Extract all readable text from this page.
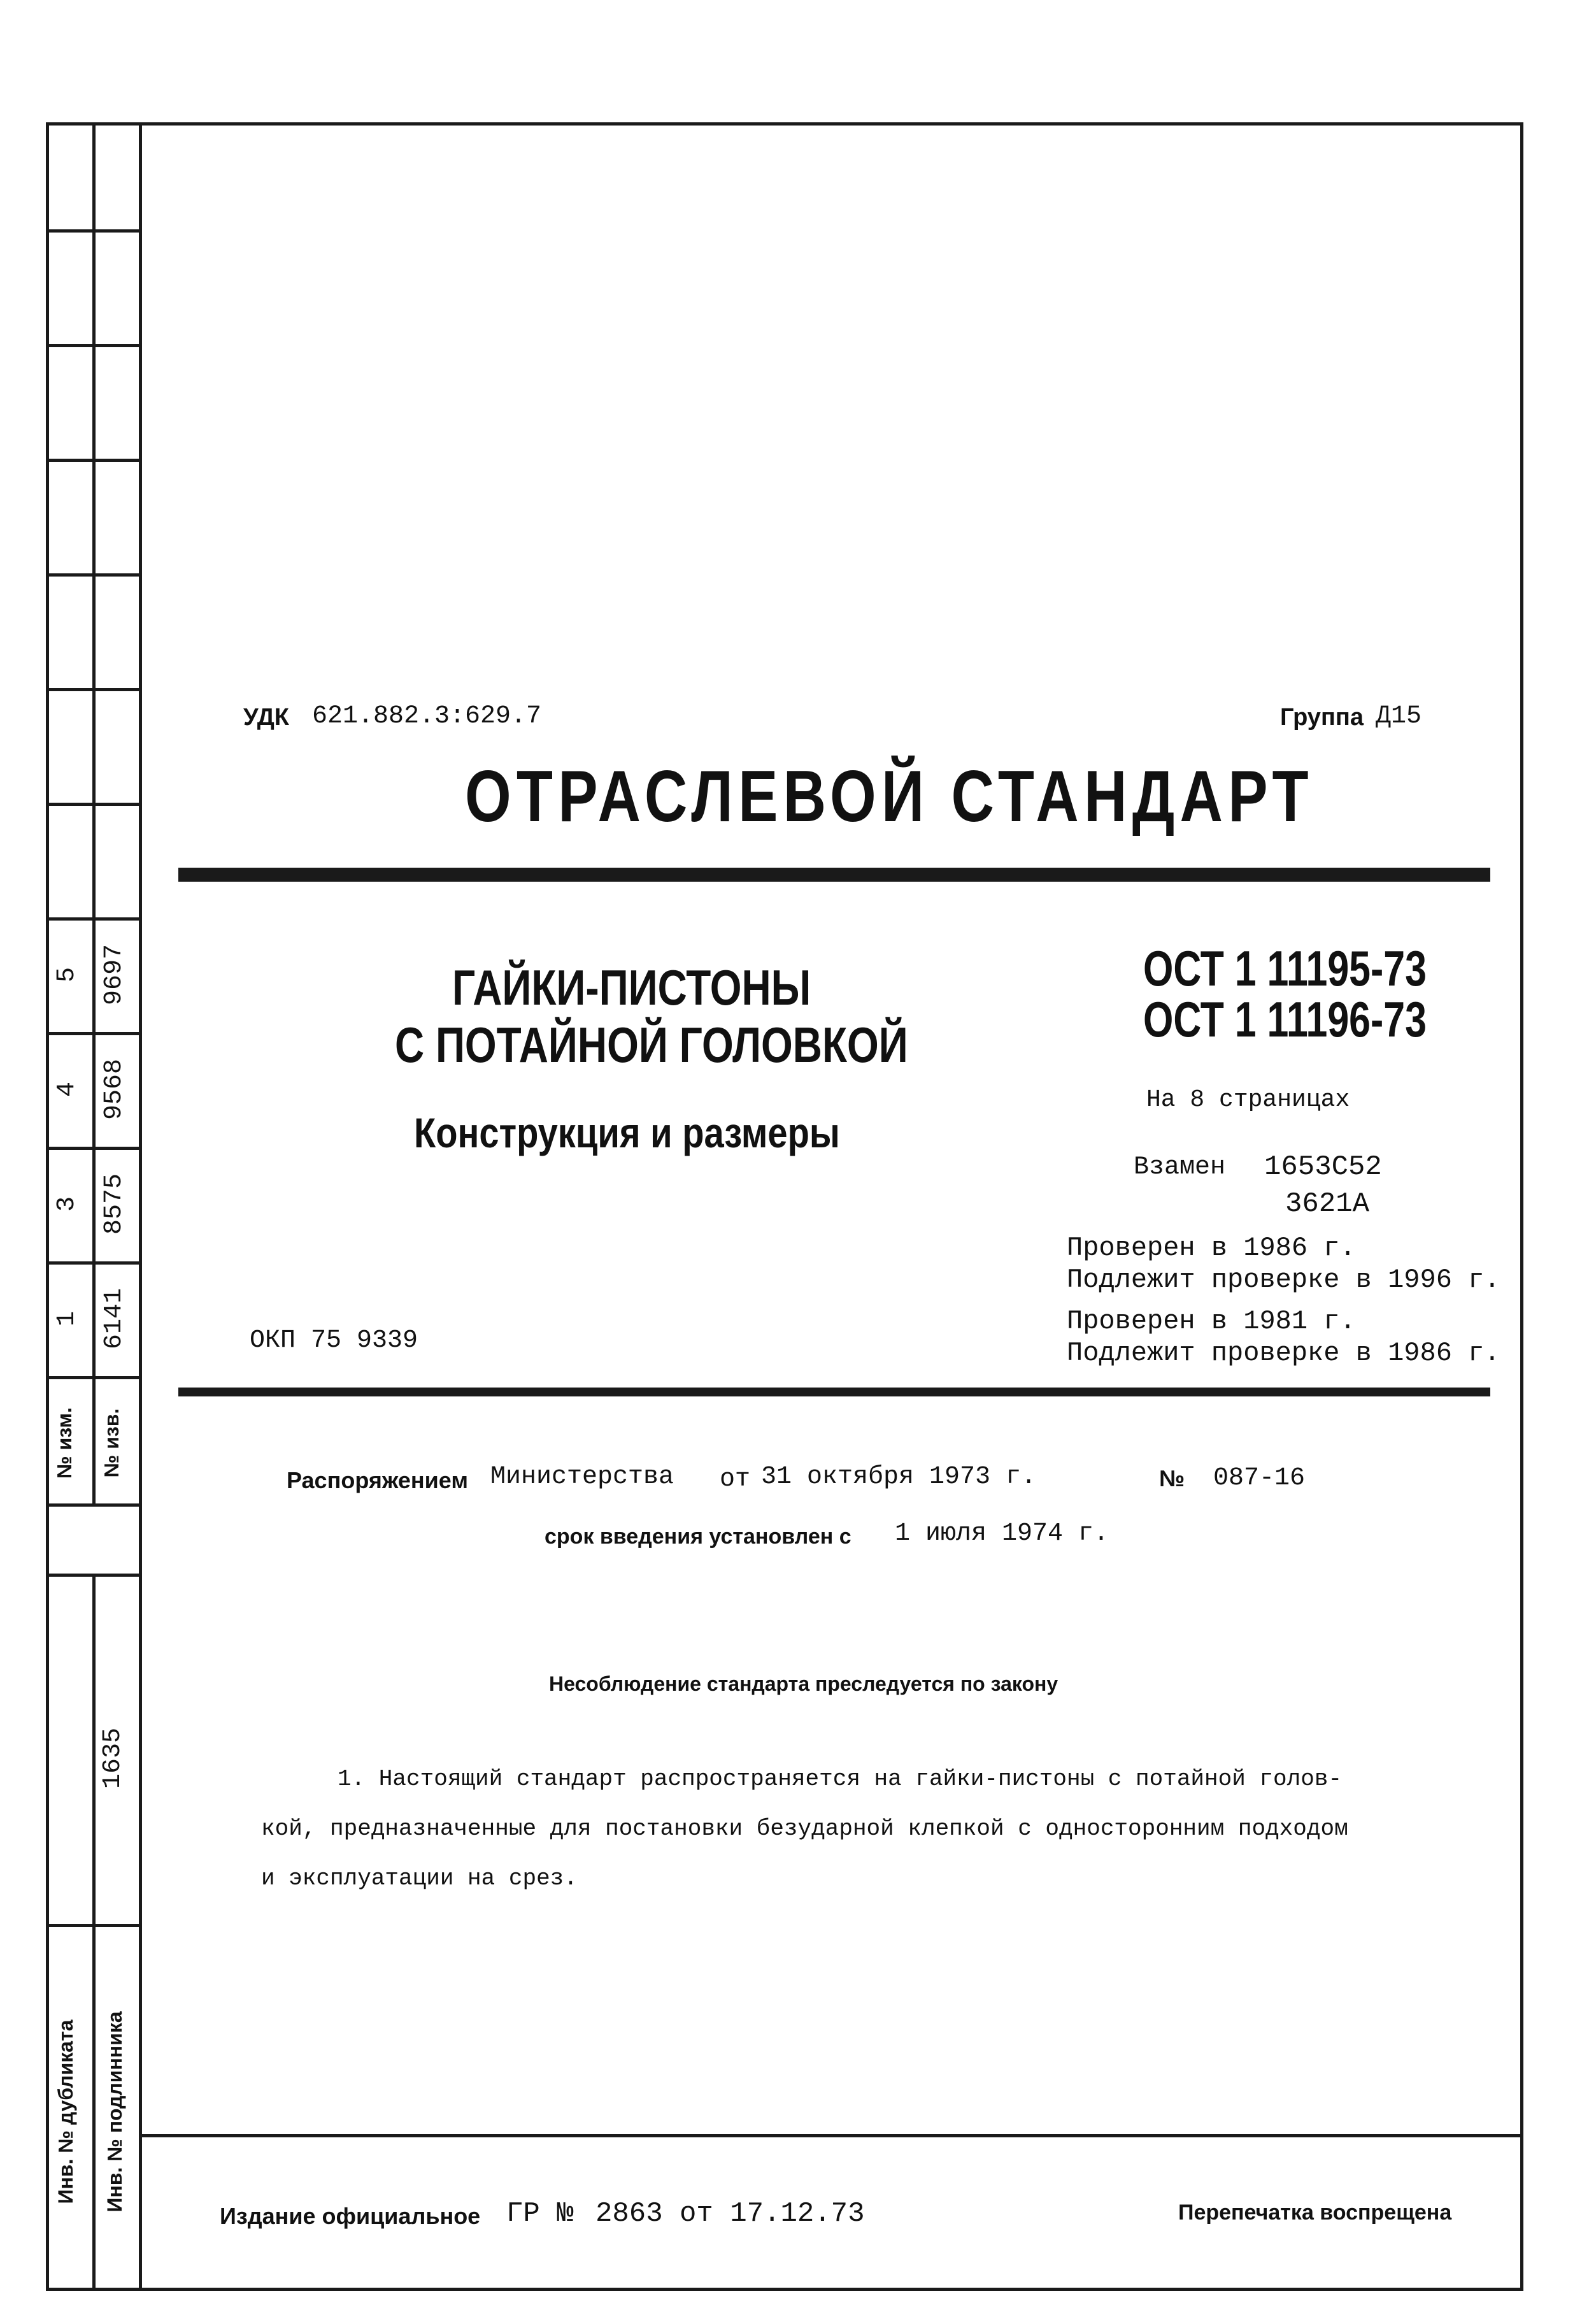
1 6141
3 8575
4 9568
5 9697
№ изм.	№ изв.
1635
Инв. № дубликата	Инв. № подлинника
УДК 621.882.3:629.7	Группа Д15
ОТРАСЛЕВОЙ СТАНДАРТ
ГАЙКИ-ПИСТОНЫ
С ПОТАЙНОЙ ГОЛОВКОЙ
Конструкция и размеры
ОСТ 1 11195-73
ОСТ 1 11196-73
На 8 страницах
Взамен 1653С52
3621А
Проверен в 1986 г.
Подлежит проверке в 1996 г.
Проверен в 1981 г.
Подлежит проверке в 1986 г.
ОКП 75 9339
Распоряжением Министерства от 31 октября 1973 г.	№ 087-16
срок введения установлен с 1 июля 1974 г.
Несоблюдение стандарта преследуется по закону
1. Настоящий стандарт распространяется на гайки-пистоны с потайной голов-
кой, предназначенные для постановки безударной клепкой с односторонним подходом
и эксплуатации на срез.
Издание официальное ГР № 2863 от 17.12.73	Перепечатка воспрещена
